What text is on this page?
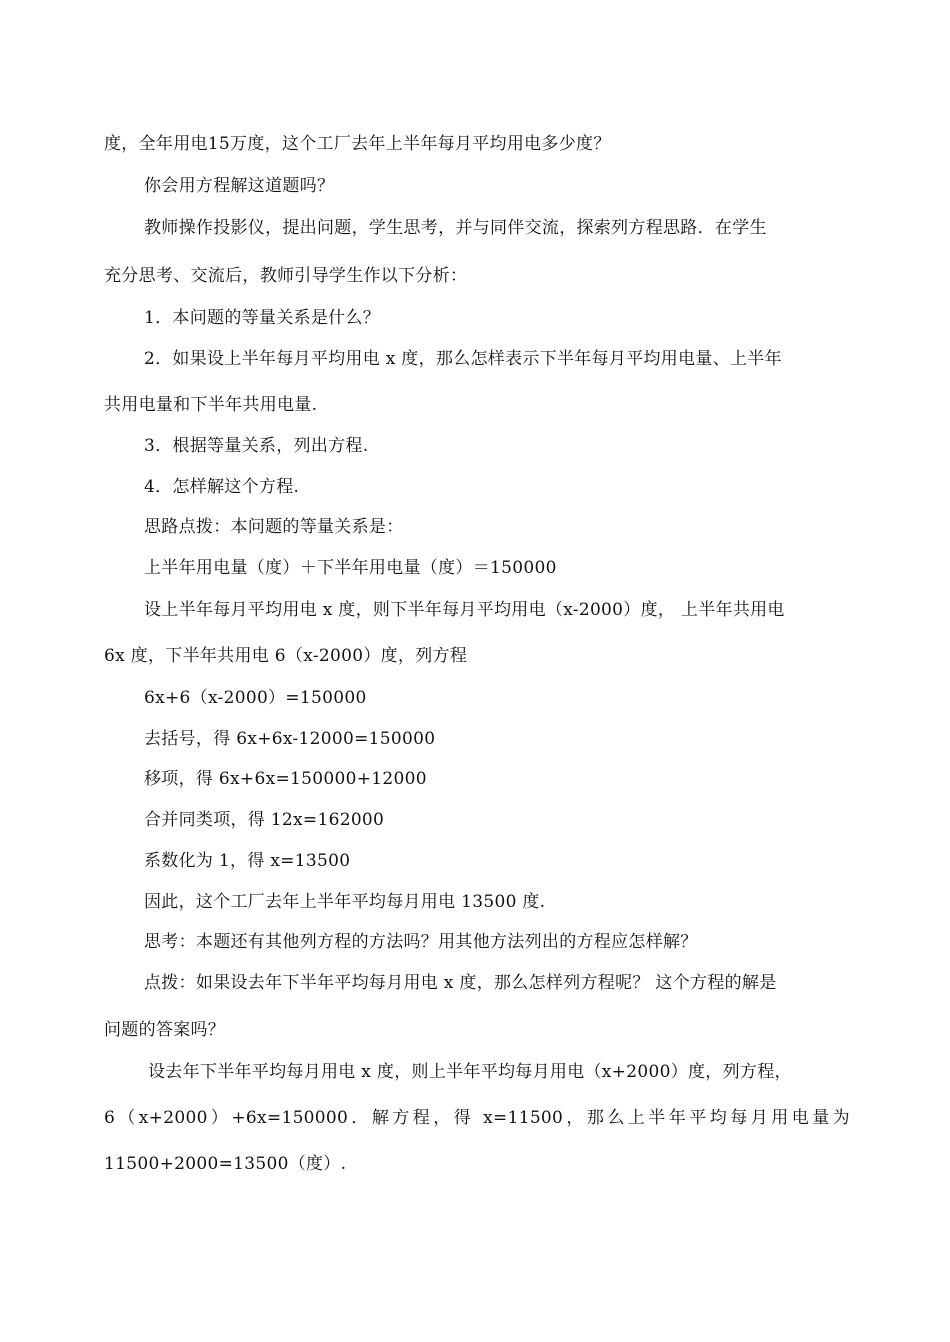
度，全年用电15万度，这个工厂去年上半年每月平均用电多少度？
你会用方程解这道题吗？
教师操作投影仪，提出问题，学生思考，并与同伴交流，探索列方程思路．在学生
充分思考、交流后，教师引导学生作以下分析：
1．本问题的等量关系是什么？
2．如果设上半年每月平均用电 x 度，那么怎样表示下半年每月平均用电量、上半年
共用电量和下半年共用电量.
3．根据等量关系，列出方程.
4．怎样解这个方程.
思路点拨：本问题的等量关系是：
上半年用电量（度）＋下半年用电量（度）＝150000
设上半年每月平均用电 x 度，则下半年每月平均用电（x-2000）度， 上半年共用电
6x 度，下半年共用电 6（x-2000）度，列方程
6x+6（x-2000）=150000
去括号，得 6x+6x-12000=150000
移项，得 6x+6x=150000+12000
合并同类项，得 12x=162000
系数化为 1，得 x=13500
因此，这个工厂去年上半年平均每月用电 13500 度.
思考：本题还有其他列方程的方法吗？用其他方法列出的方程应怎样解？
点拨：如果设去年下半年平均每月用电 x 度，那么怎样列方程呢？ 这个方程的解是
问题的答案吗？
设去年下半年平均每月用电 x 度，则上半年平均每月用电（x+2000）度，列方程，
6（x+2000）+6x=150000．解方程，得 x=11500，那么上半年平均每月用电量为
11500+2000=13500（度）.
